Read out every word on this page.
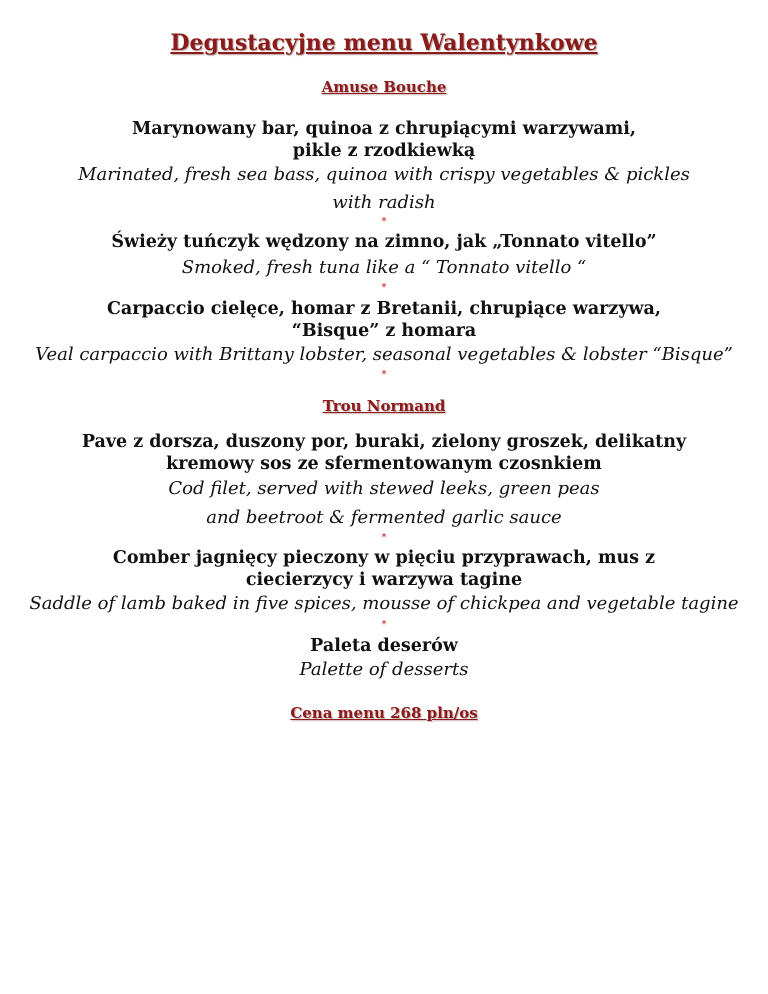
Degustacyjne menu Walentynkowe
Amuse Bouche
Marynowany bar, quinoa z chrupiącymi warzywami,
pikle z rzodkiewką
Marinated, fresh sea bass, quinoa with crispy vegetables & pickles
with radish
*
Świeży tuńczyk wędzony na zimno, jak „Tonnato vitello”
Smoked, fresh tuna like a “ Tonnato vitello “
*
Carpaccio cielęce, homar z Bretanii, chrupiące warzywa,
“Bisque” z homara
Veal carpaccio with Brittany lobster, seasonal vegetables & lobster “Bisque”
*
Trou Normand
Pave z dorsza, duszony por, buraki, zielony groszek, delikatny
kremowy sos ze sfermentowanym czosnkiem
Cod filet, served with stewed leeks, green peas
and beetroot & fermented garlic sauce
*
Comber jagnięcy pieczony w pięciu przyprawach, mus z
ciecierzycy i warzywa tagine
Saddle of lamb baked in five spices, mousse of chickpea and vegetable tagine
*
Paleta deserów
Palette of desserts
Cena menu 268 pln/os
